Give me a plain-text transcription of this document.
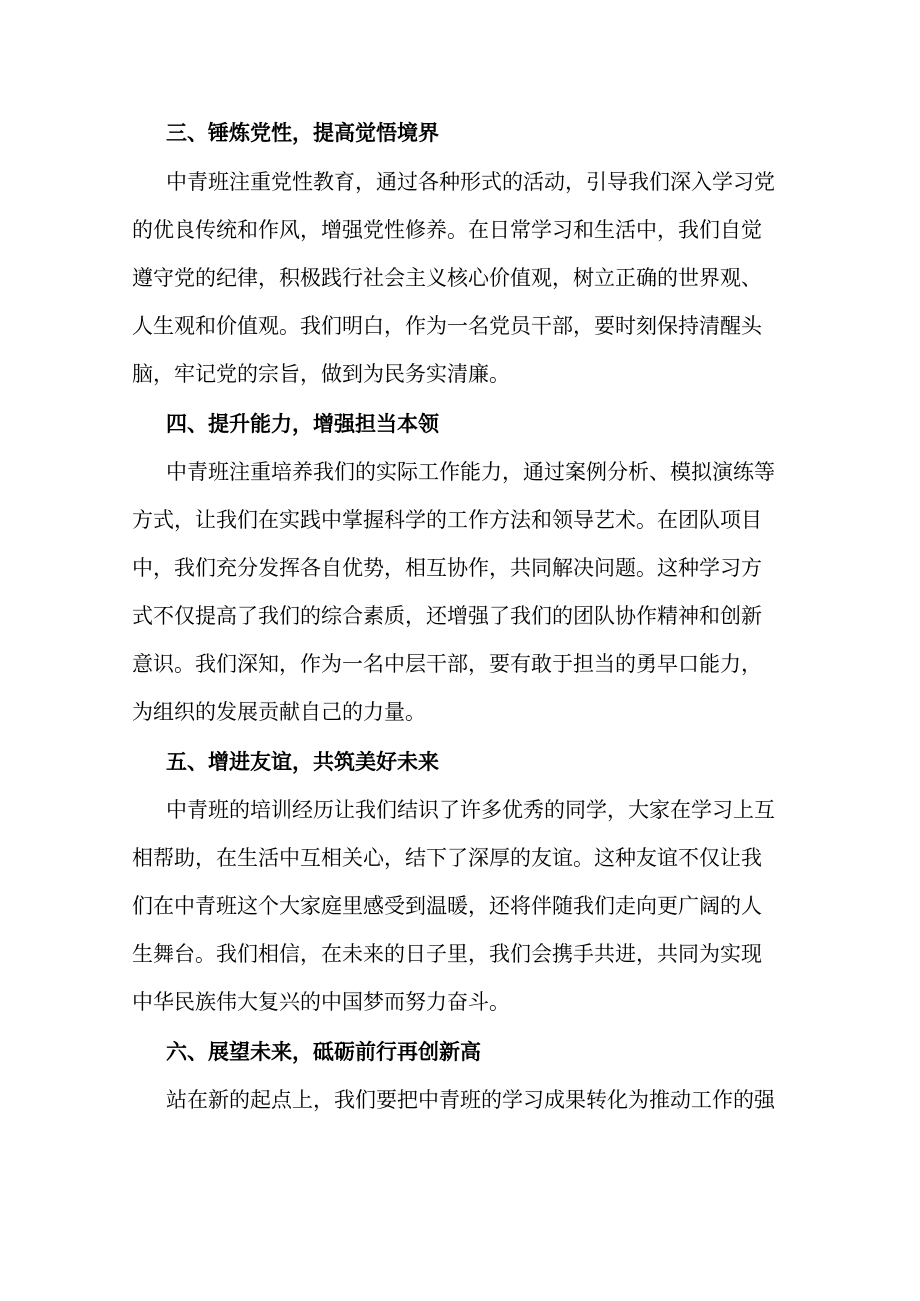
三、锤炼党性，提高觉悟境界

中青班注重党性教育，通过各种形式的活动，引导我们深入学习党

的优良传统和作风，增强党性修养。在日常学习和生活中，我们自觉

遵守党的纪律，积极践行社会主义核心价值观，树立正确的世界观、

人生观和价值观。我们明白，作为一名党员干部，要时刻保持清醒头

脑，牢记党的宗旨，做到为民务实清廉。

四、提升能力，增强担当本领

中青班注重培养我们的实际工作能力，通过案例分析、模拟演练等

方式，让我们在实践中掌握科学的工作方法和领导艺术。在团队项目

中，我们充分发挥各自优势，相互协作，共同解决问题。这种学习方

式不仅提高了我们的综合素质，还增强了我们的团队协作精神和创新

意识。我们深知，作为一名中层干部，要有敢于担当的勇早口能力，

为组织的发展贡献自己的力量。

五、增进友谊，共筑美好未来

中青班的培训经历让我们结识了许多优秀的同学，大家在学习上互

相帮助，在生活中互相关心，结下了深厚的友谊。这种友谊不仅让我

们在中青班这个大家庭里感受到温暖，还将伴随我们走向更广阔的人

生舞台。我们相信，在未来的日子里，我们会携手共进，共同为实现

中华民族伟大复兴的中国梦而努力奋斗。

六、展望未来，砥砺前行再创新高

站在新的起点上，我们要把中青班的学习成果转化为推动工作的强
